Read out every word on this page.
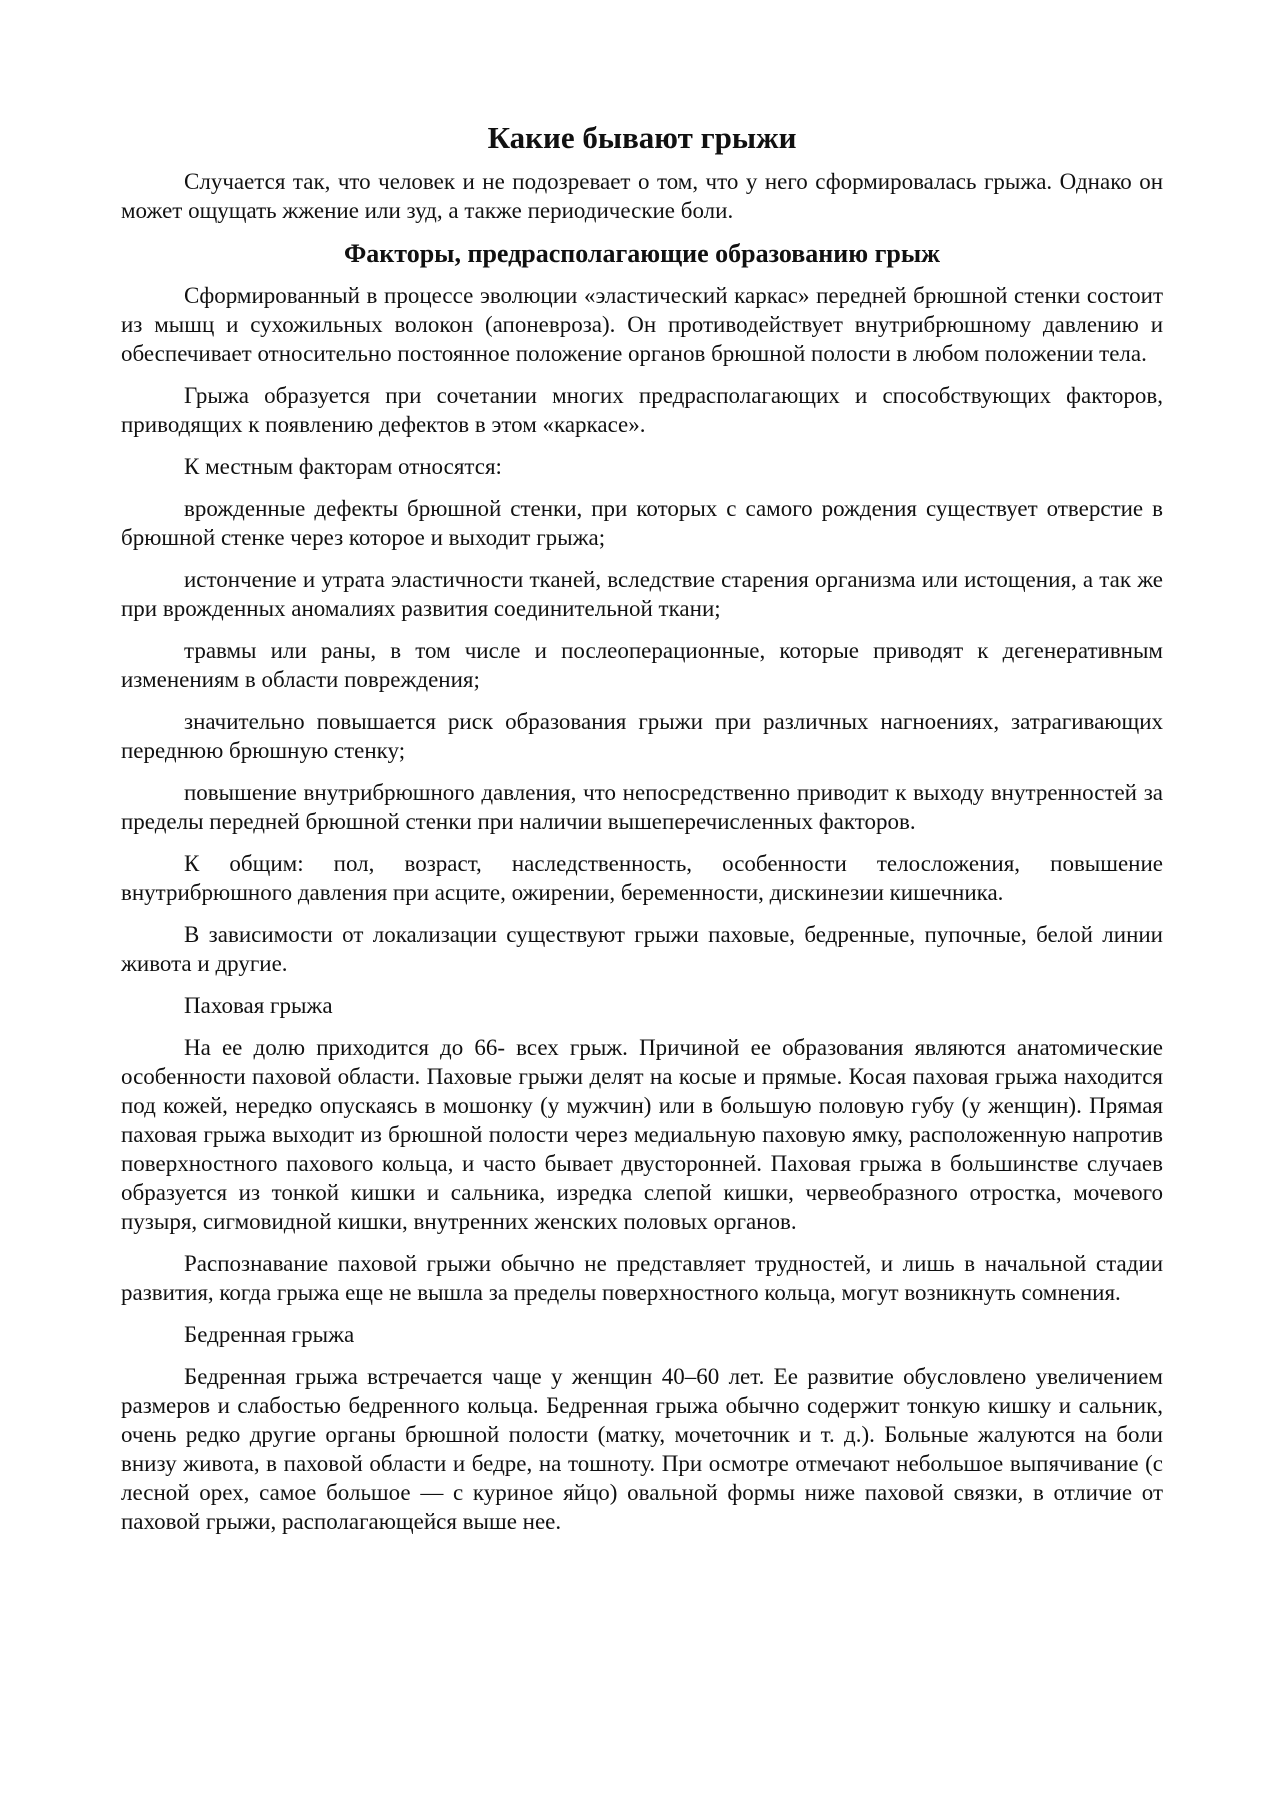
Какие бывают грыжи

Случается так, что человек и не подозревает о том, что у него сформировалась грыжа. Однако он может ощущать жжение или зуд, а также периодические боли.

Факторы, предрасполагающие образованию грыж

Сформированный в процессе эволюции «эластический каркас» передней брюшной стенки состоит из мышц и сухожильных волокон (апоневроза). Он противодействует внутрибрюшному давлению и обеспечивает относительно постоянное положение органов брюшной полости в любом положении тела.

Грыжа образуется при сочетании многих предрасполагающих и способствующих факторов, приводящих к появлению дефектов в этом «каркасе».

К местным факторам относятся:

врожденные дефекты брюшной стенки, при которых с самого рождения существует отверстие в брюшной стенке через которое и выходит грыжа;

истончение и утрата эластичности тканей, вследствие старения организма или истощения, а так же при врожденных аномалиях развития соединительной ткани;

травмы или раны, в том числе и послеоперационные, которые приводят к дегенеративным изменениям в области повреждения;

значительно повышается риск образования грыжи при различных нагноениях, затрагивающих переднюю брюшную стенку;

повышение внутрибрюшного давления, что непосредственно приводит к выходу внутренностей за пределы передней брюшной стенки при наличии вышеперечисленных факторов.

К общим: пол, возраст, наследственность, особенности телосложения, повышение внутрибрюшного давления при асците, ожирении, беременности, дискинезии кишечника.

В зависимости от локализации существуют грыжи паховые, бедренные, пупочные, белой линии живота и другие.

Паховая грыжа

На ее долю приходится до 66- всех грыж. Причиной ее образования являются анатомические особенности паховой области. Паховые грыжи делят на косые и прямые. Косая паховая грыжа находится под кожей, нередко опускаясь в мошонку (у мужчин) или в большую половую губу (у женщин). Прямая паховая грыжа выходит из брюшной полости через медиальную паховую ямку, расположенную напротив поверхностного пахового кольца, и часто бывает двусторонней. Паховая грыжа в большинстве случаев образуется из тонкой кишки и сальника, изредка слепой кишки, червеобразного отростка, мочевого пузыря, сигмовидной кишки, внутренних женских половых органов.

Распознавание паховой грыжи обычно не представляет трудностей, и лишь в начальной стадии развития, когда грыжа еще не вышла за пределы поверхностного кольца, могут возникнуть сомнения.

Бедренная грыжа

Бедренная грыжа встречается чаще у женщин 40–60 лет. Ее развитие обусловлено увеличением размеров и слабостью бедренного кольца. Бедренная грыжа обычно содержит тонкую кишку и сальник, очень редко другие органы брюшной полости (матку, мочеточник и т. д.). Больные жалуются на боли внизу живота, в паховой области и бедре, на тошноту. При осмотре отмечают небольшое выпячивание (с лесной орех, самое большое — с куриное яйцо) овальной формы ниже паховой связки, в отличие от паховой грыжи, располагающейся выше нее.
